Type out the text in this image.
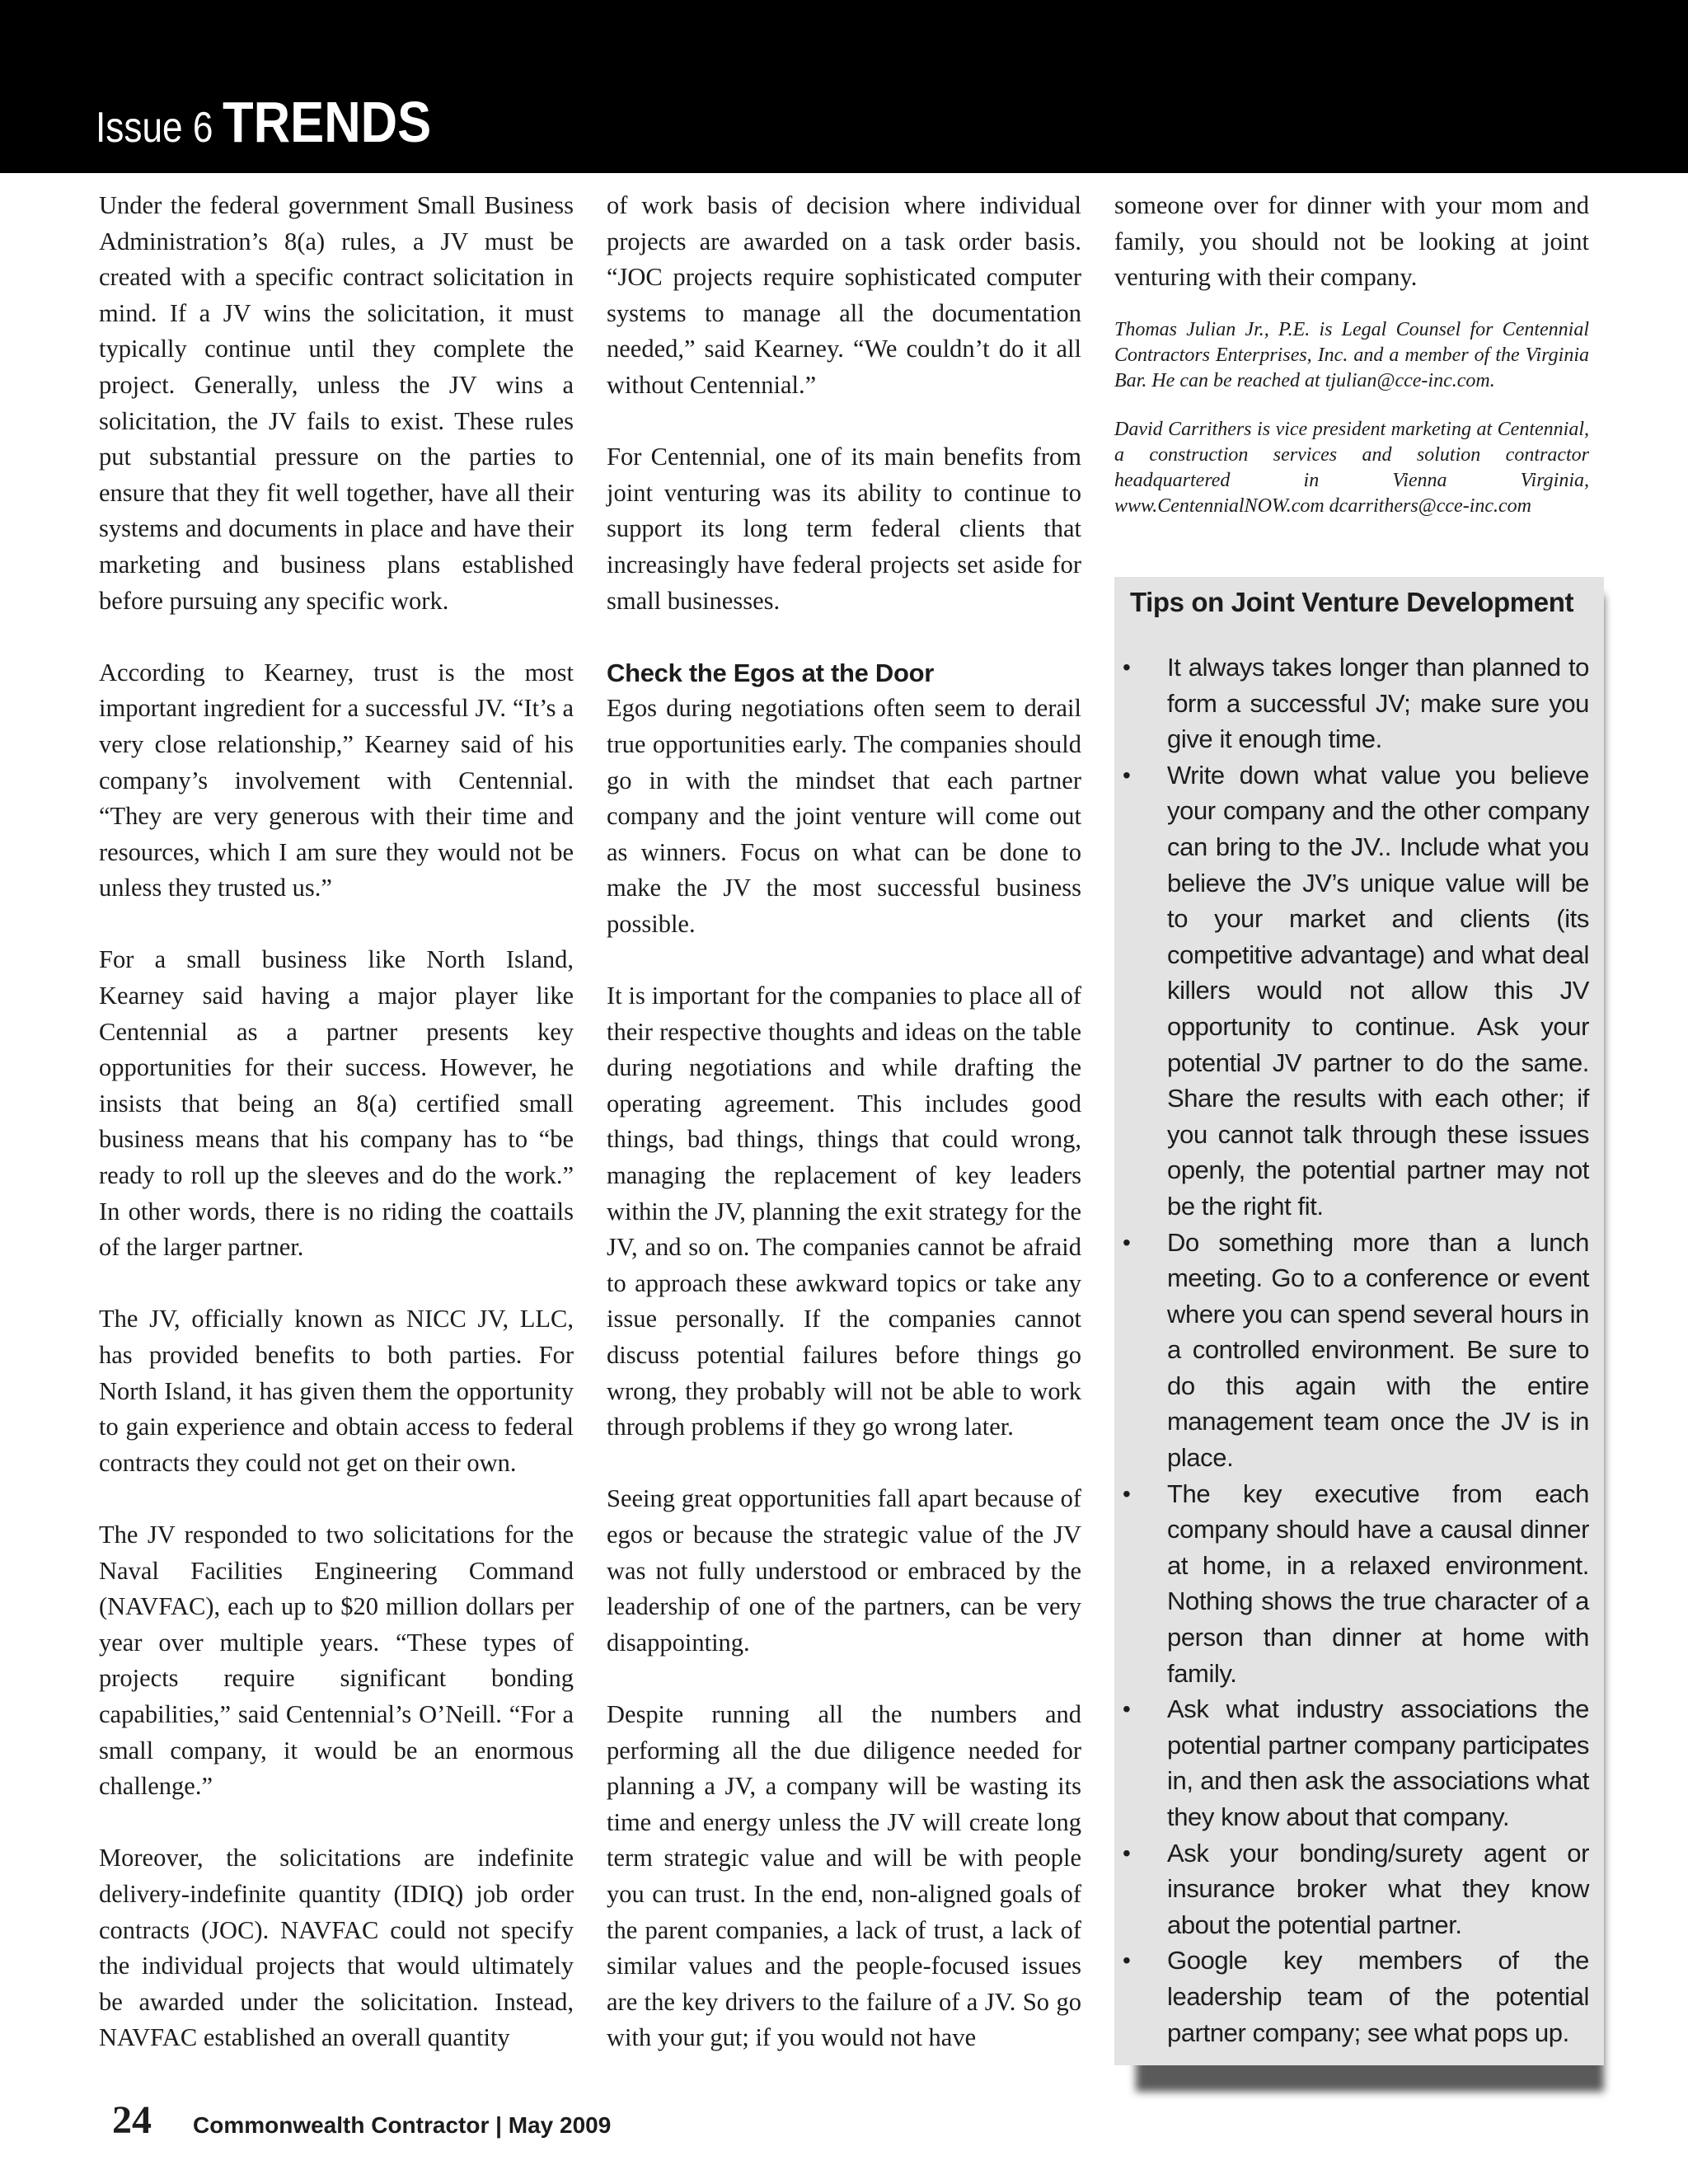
Issue 6 TRENDS

Under the federal government Small Business Administration’s 8(a) rules, a JV must be created with a specific contract solicitation in mind. If a JV wins the solicitation, it must typically continue until they complete the project. Generally, unless the JV wins a solicitation, the JV fails to exist. These rules put substantial pressure on the parties to ensure that they fit well together, have all their systems and documents in place and have their marketing and business plans established before pursuing any specific work.

According to Kearney, trust is the most important ingredient for a successful JV. “It’s a very close relationship,” Kearney said of his company’s involvement with Centennial. “They are very generous with their time and resources, which I am sure they would not be unless they trusted us.”

For a small business like North Island, Kearney said having a major player like Centennial as a partner presents key opportunities for their success. However, he insists that being an 8(a) certified small business means that his company has to “be ready to roll up the sleeves and do the work.” In other words, there is no riding the coattails of the larger partner.

The JV, officially known as NICC JV, LLC, has provided benefits to both parties. For North Island, it has given them the opportunity to gain experience and obtain access to federal contracts they could not get on their own.

The JV responded to two solicitations for the Naval Facilities Engineering Command (NAVFAC), each up to $20 million dollars per year over multiple years. “These types of projects require significant bonding capabilities,” said Centennial’s O’Neill. “For a small company, it would be an enormous challenge.”

Moreover, the solicitations are indefinite delivery-indefinite quantity (IDIQ) job order contracts (JOC). NAVFAC could not specify the individual projects that would ultimately be awarded under the solicitation. Instead, NAVFAC established an overall quantity

of work basis of decision where individual projects are awarded on a task order basis. “JOC projects require sophisticated computer systems to manage all the documentation needed,” said Kearney. “We couldn’t do it all without Centennial.”

For Centennial, one of its main benefits from joint venturing was its ability to continue to support its long term federal clients that increasingly have federal projects set aside for small businesses.

Check the Egos at the Door

Egos during negotiations often seem to derail true opportunities early. The companies should go in with the mindset that each partner company and the joint venture will come out as winners. Focus on what can be done to make the JV the most successful business possible.

It is important for the companies to place all of their respective thoughts and ideas on the table during negotiations and while drafting the operating agreement. This includes good things, bad things, things that could wrong, managing the replacement of key leaders within the JV, planning the exit strategy for the JV, and so on. The companies cannot be afraid to approach these awkward topics or take any issue personally. If the companies cannot discuss potential failures before things go wrong, they probably will not be able to work through problems if they go wrong later.

Seeing great opportunities fall apart because of egos or because the strategic value of the JV was not fully understood or embraced by the leadership of one of the partners, can be very disappointing.

Despite running all the numbers and performing all the due diligence needed for planning a JV, a company will be wasting its time and energy unless the JV will create long term strategic value and will be with people you can trust. In the end, non-aligned goals of the parent companies, a lack of trust, a lack of similar values and the people-focused issues are the key drivers to the failure of a JV. So go with your gut; if you would not have

someone over for dinner with your mom and family, you should not be looking at joint venturing with their company.

Thomas Julian Jr., P.E. is Legal Counsel for Centennial Contractors Enterprises, Inc. and a member of the Virginia Bar. He can be reached at tjulian@cce-inc.com.
David Carrithers is vice president marketing at Centennial, a construction services and solution contractor headquartered in Vienna Virginia, www.CentennialNOW.com dcarrithers@cce-inc.com
Tips on Joint Venture Development
• It always takes longer than planned to form a successful JV; make sure you give it enough time.
• Write down what value you believe your company and the other company can bring to the JV.. Include what you believe the JV’s unique value will be to your market and clients (its competitive advantage) and what deal killers would not allow this JV opportunity to continue. Ask your potential JV partner to do the same. Share the results with each other; if you cannot talk through these issues openly, the potential partner may not be the right fit.
• Do something more than a lunch meeting. Go to a conference or event where you can spend several hours in a controlled environment. Be sure to do this again with the entire management team once the JV is in place.
• The key executive from each company should have a causal dinner at home, in a relaxed environment. Nothing shows the true character of a person than dinner at home with family.
• Ask what industry associations the potential partner company participates in, and then ask the associations what they know about that company.
• Ask your bonding/surety agent or insurance broker what they know about the potential partner.
• Google key members of the leadership team of the potential partner company; see what pops up.
24 Commonwealth Contractor | May 2009
